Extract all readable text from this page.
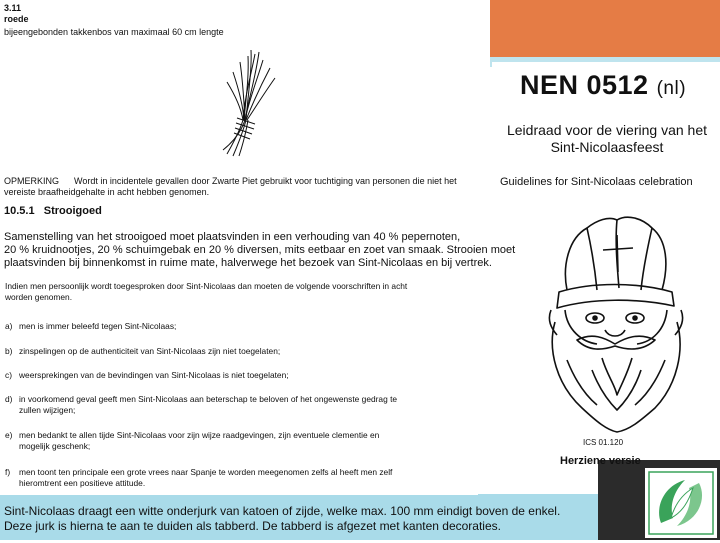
NEN 0512 (nl)
Leidraad voor de viering van het
Sint-Nicolaasfeest
Guidelines for Sint-Nicolaas celebration
3.11
roede
bijeengebonden takkenbos van maximaal 60 cm lengte
OPMERKING Wordt in incidentele gevallen door Zwarte Piet gebruikt voor tuchtiging van personen die niet het
vereiste braafheidgehalte in acht hebben genomen.
10.5.1 Strooigoed
Samenstelling van het strooigoed moet plaatsvinden in een verhouding van 40 % pepernoten,
20 % kruidnootjes, 20 % schuimgebak en 20 % diversen, mits eetbaar en zoet van smaak. Strooien moet
plaatsvinden bij binnenkomst in ruime mate, halverwege het bezoek van Sint-Nicolaas en bij vertrek.
Indien men persoonlijk wordt toegesproken door Sint-Nicolaas dan moeten de volgende voorschriften in acht
worden genomen.
a) men is immer beleefd tegen Sint-Nicolaas;
b) zinspelingen op de authenticiteit van Sint-Nicolaas zijn niet toegelaten;
c) weersprekingen van de bevindingen van Sint-Nicolaas is niet toegelaten;
d) in voorkomend geval geeft men Sint-Nicolaas aan beterschap te beloven of het ongewenste gedrag te
zullen wijzigen;
e) men bedankt te allen tijde Sint-Nicolaas voor zijn wijze raadgevingen, zijn eventuele clementie en
mogelijk geschenk;
f)	men toont ten principale een grote vrees naar Spanje te worden meegenomen zelfs al heeft men zelf
hieromtrent een positieve attitude.
ICS 01.120
Herziene versie
Sint-Nicolaas draagt een witte onderjurk van katoen of zijde, welke max. 100 mm eindigt boven de enkel.
Deze jurk is hierna te aan te duiden als tabberd. De tabberd is afgezet met kanten decoraties.
